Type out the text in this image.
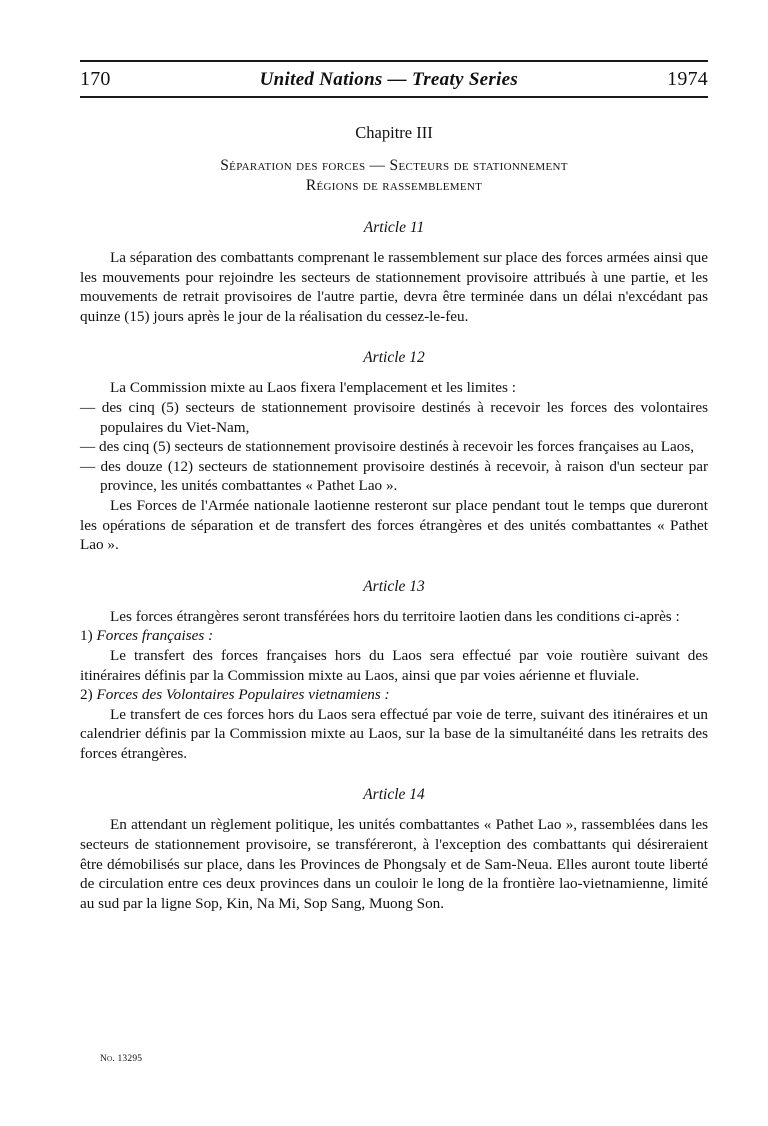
170	United Nations — Treaty Series	1974
Chapitre III
Séparation des forces — Secteurs de stationnement
Régions de rassemblement
Article 11

La séparation des combattants comprenant le rassemblement sur place des forces armées ainsi que les mouvements pour rejoindre les secteurs de stationnement provisoire attribués à une partie, et les mouvements de retrait provisoires de l'autre partie, devra être terminée dans un délai n'excédant pas quinze (15) jours après le jour de la réalisation du cessez-le-feu.

Article 12

La Commission mixte au Laos fixera l'emplacement et les limites :

— des cinq (5) secteurs de stationnement provisoire destinés à recevoir les forces des volontaires populaires du Viet-Nam,

— des cinq (5) secteurs de stationnement provisoire destinés à recevoir les forces françaises au Laos,

— des douze (12) secteurs de stationnement provisoire destinés à recevoir, à raison d'un secteur par province, les unités combattantes « Pathet Lao ».

Les Forces de l'Armée nationale laotienne resteront sur place pendant tout le temps que dureront les opérations de séparation et de transfert des forces étrangères et des unités combattantes « Pathet Lao ».

Article 13

Les forces étrangères seront transférées hors du territoire laotien dans les conditions ci-après :

1) Forces françaises :

Le transfert des forces françaises hors du Laos sera effectué par voie routière suivant des itinéraires définis par la Commission mixte au Laos, ainsi que par voies aérienne et fluviale.

2) Forces des Volontaires Populaires vietnamiens :

Le transfert de ces forces hors du Laos sera effectué par voie de terre, suivant des itinéraires et un calendrier définis par la Commission mixte au Laos, sur la base de la simultanéité dans les retraits des forces étrangères.

Article 14

En attendant un règlement politique, les unités combattantes « Pathet Lao », rassemblées dans les secteurs de stationnement provisoire, se transféreront, à l'exception des combattants qui désireraient être démobilisés sur place, dans les Provinces de Phongsaly et de Sam-Neua. Elles auront toute liberté de circulation entre ces deux provinces dans un couloir le long de la frontière lao-vietnamienne, limité au sud par la ligne Sop, Kin, Na Mi, Sop Sang, Muong Son.

No. 13295
